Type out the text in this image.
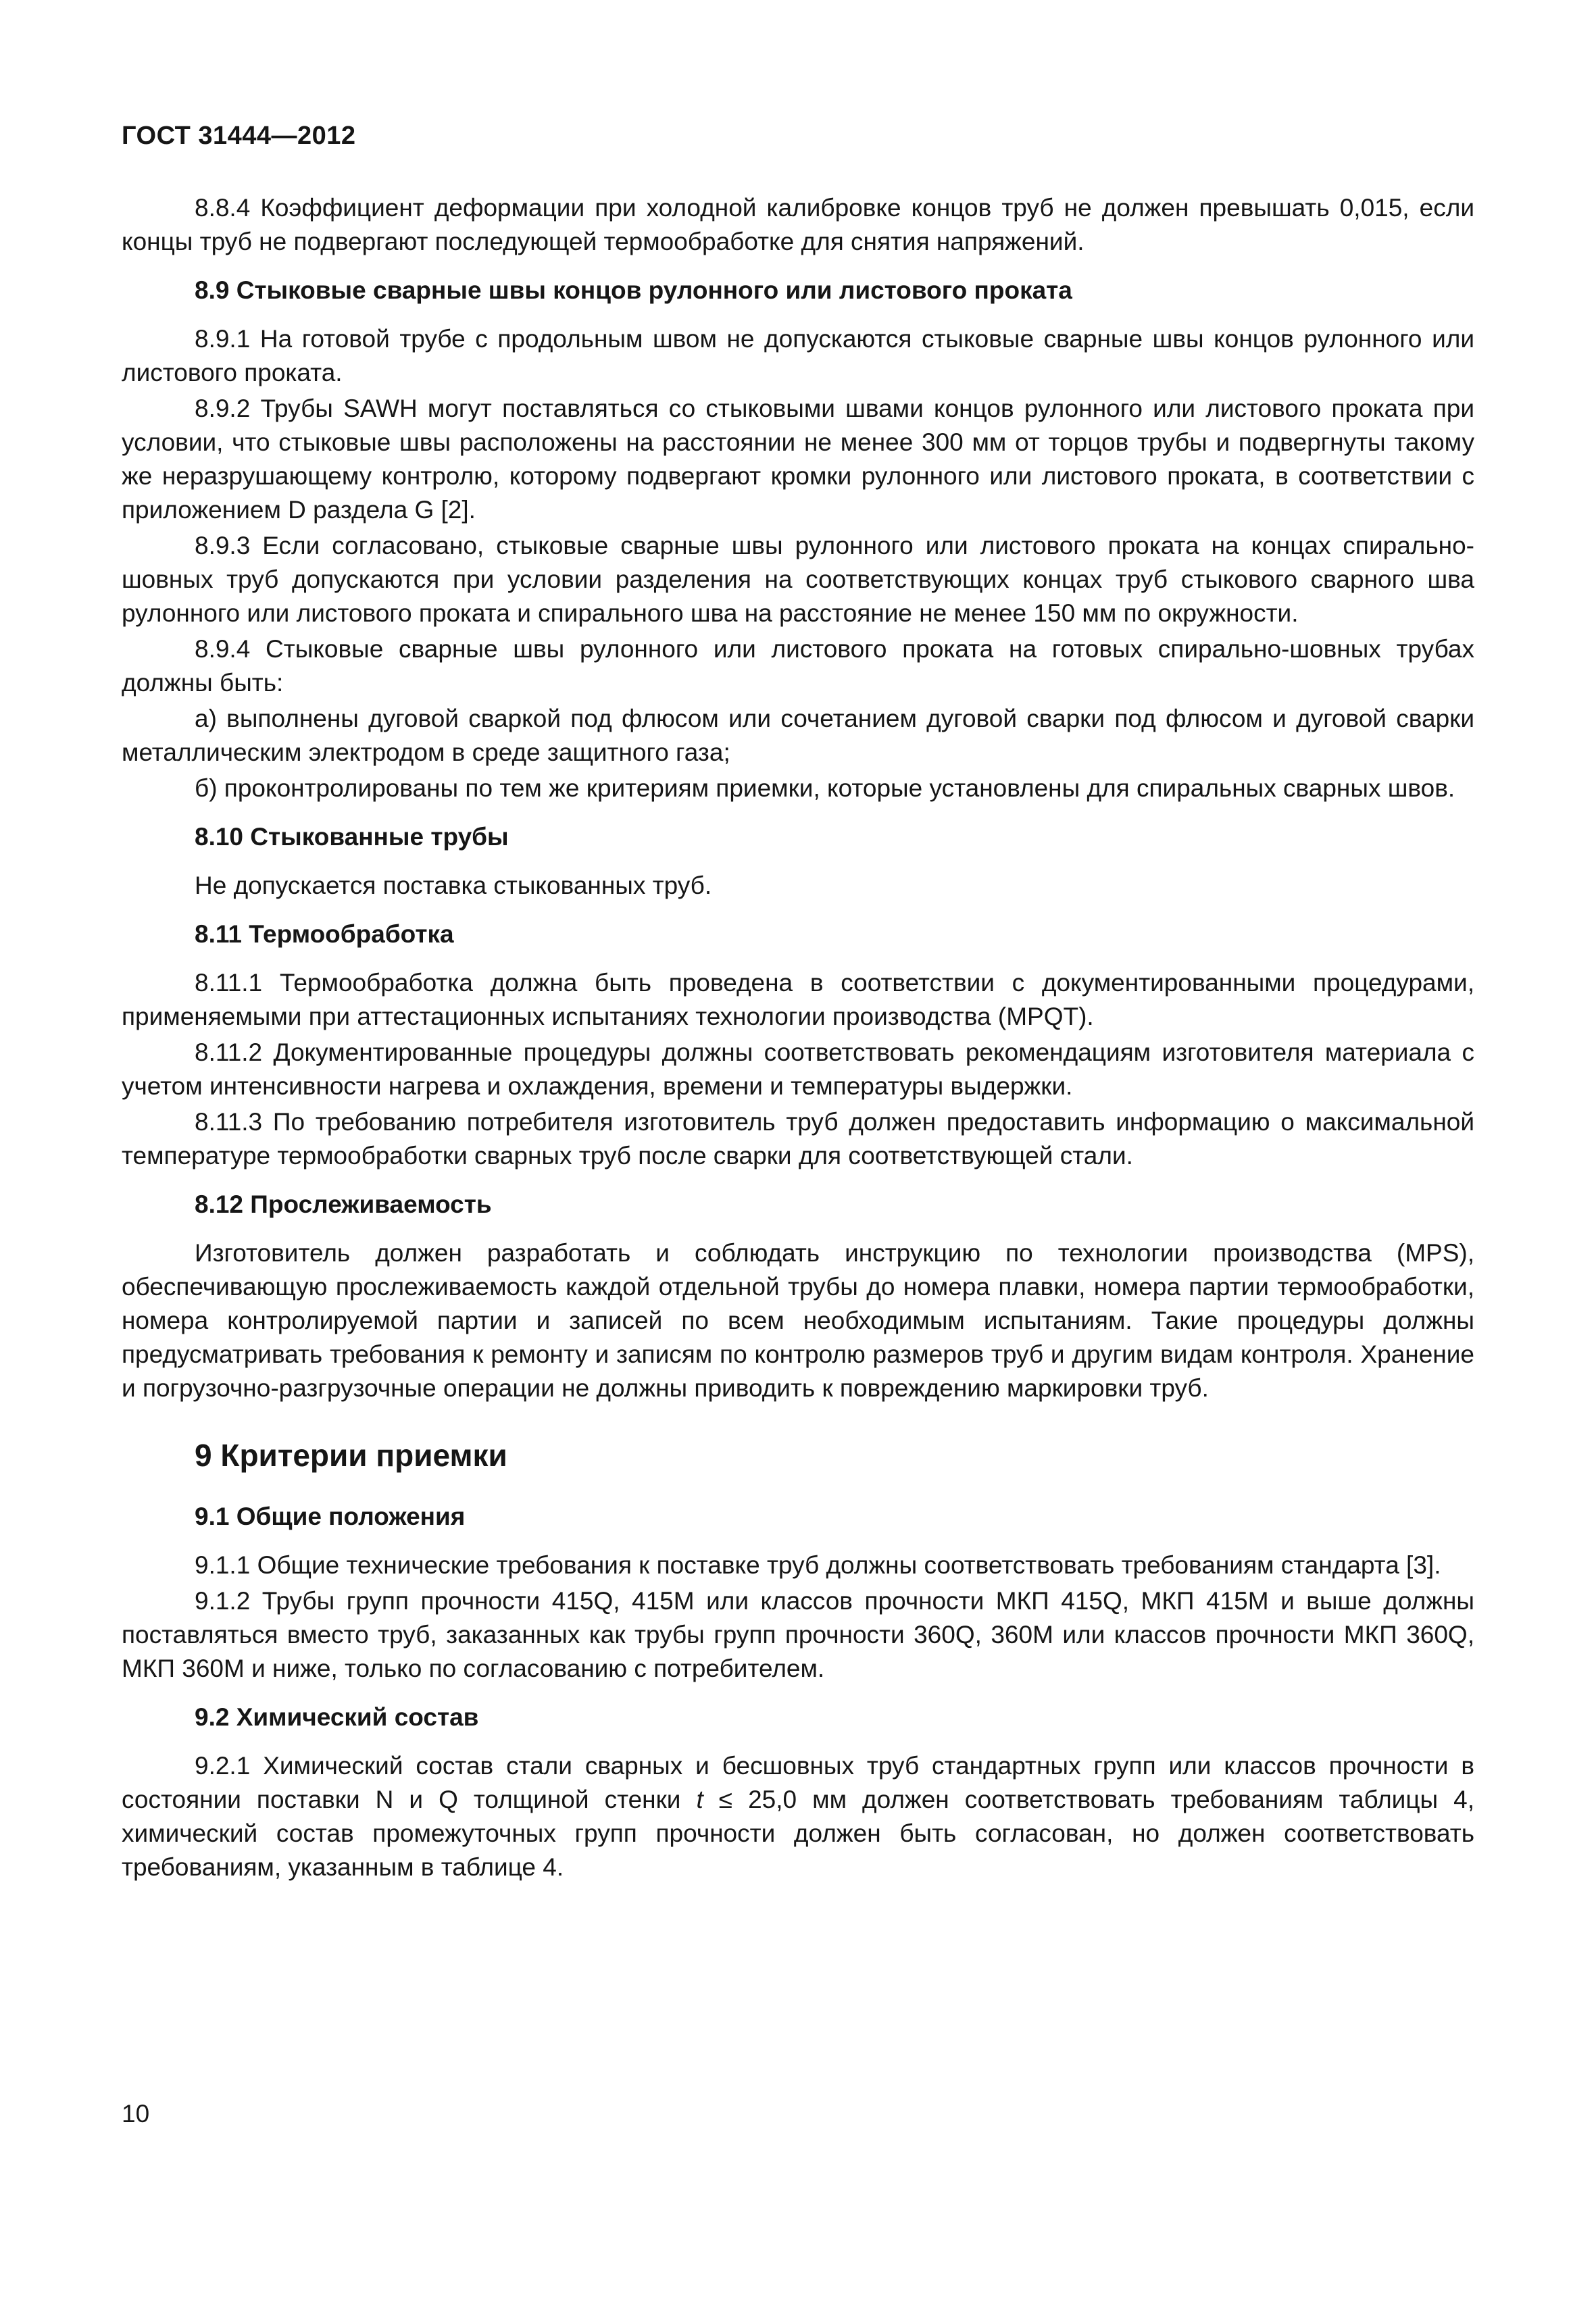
ГОСТ 31444—2012

8.8.4 Коэффициент деформации при холодной калибровке концов труб не должен превышать 0,015, если концы труб не подвергают последующей термообработке для снятия напряжений.

8.9 Стыковые сварные швы концов рулонного или листового проката

8.9.1 На готовой трубе с продольным швом не допускаются стыковые сварные швы концов рулонного или листового проката.

8.9.2 Трубы SAWH могут поставляться со стыковыми швами концов рулонного или листового проката при условии, что стыковые швы расположены на расстоянии не менее 300 мм от торцов трубы и подвергнуты такому же неразрушающему контролю, которому подвергают кромки рулонного или листового проката, в соответствии с приложением D раздела G [2].

8.9.3 Если согласовано, стыковые сварные швы рулонного или листового проката на концах спирально-шовных труб допускаются при условии разделения на соответствующих концах труб стыкового сварного шва рулонного или листового проката и спирального шва на расстояние не менее 150 мм по окружности.

8.9.4 Стыковые сварные швы рулонного или листового проката на готовых спирально-шовных трубах должны быть:

а) выполнены дуговой сваркой под флюсом или сочетанием дуговой сварки под флюсом и дуговой сварки металлическим электродом в среде защитного газа;

б) проконтролированы по тем же критериям приемки, которые установлены для спиральных сварных швов.

8.10 Стыкованные трубы

Не допускается поставка стыкованных труб.

8.11 Термообработка

8.11.1 Термообработка должна быть проведена в соответствии с документированными процедурами, применяемыми при аттестационных испытаниях технологии производства (MPQT).

8.11.2 Документированные процедуры должны соответствовать рекомендациям изготовителя материала с учетом интенсивности нагрева и охлаждения, времени и температуры выдержки.

8.11.3 По требованию потребителя изготовитель труб должен предоставить информацию о максимальной температуре термообработки сварных труб после сварки для соответствующей стали.

8.12 Прослеживаемость

Изготовитель должен разработать и соблюдать инструкцию по технологии производства (MPS), обеспечивающую прослеживаемость каждой отдельной трубы до номера плавки, номера партии термообработки, номера контролируемой партии и записей по всем необходимым испытаниям. Такие процедуры должны предусматривать требования к ремонту и записям по контролю размеров труб и другим видам контроля. Хранение и погрузочно-разгрузочные операции не должны приводить к повреждению маркировки труб.

9 Критерии приемки
9.1 Общие положения

9.1.1 Общие технические требования к поставке труб должны соответствовать требованиям стандарта [3].

9.1.2 Трубы групп прочности 415Q, 415M или классов прочности МКП 415Q, МКП 415M и выше должны поставляться вместо труб, заказанных как трубы групп прочности 360Q, 360M или классов прочности МКП 360Q, МКП 360M и ниже, только по согласованию с потребителем.

9.2 Химический состав

9.2.1 Химический состав стали сварных и бесшовных труб стандартных групп или классов прочности в состоянии поставки N и Q толщиной стенки t ≤ 25,0 мм должен соответствовать требованиям таблицы 4, химический состав промежуточных групп прочности должен быть согласован, но должен соответствовать требованиям, указанным в таблице 4.

10
